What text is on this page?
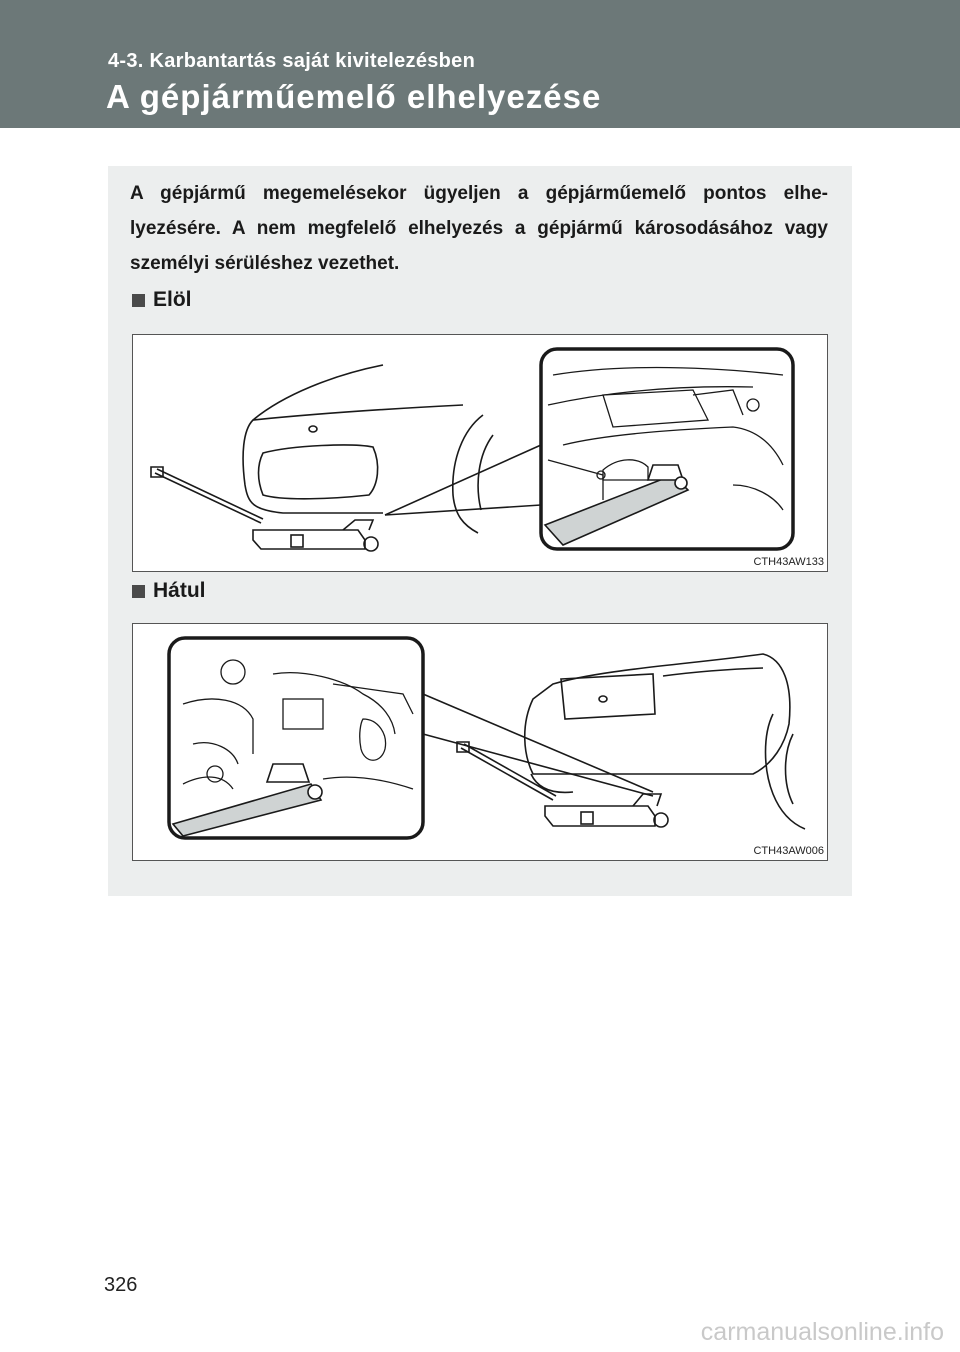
4-3. Karbantartás saját kivitelezésben
A gépjárműemelő elhelyezése

A gépjármű megemelésekor ügyeljen a gépjárműemelő pontos elhe-lyezésére. A nem megfelelő elhelyezés a gépjármű károsodásához vagy személyi sérüléshez vezethet.

Elöl
CTH43AW133
Hátul
CTH43AW006
326
carmanualsonline.info
